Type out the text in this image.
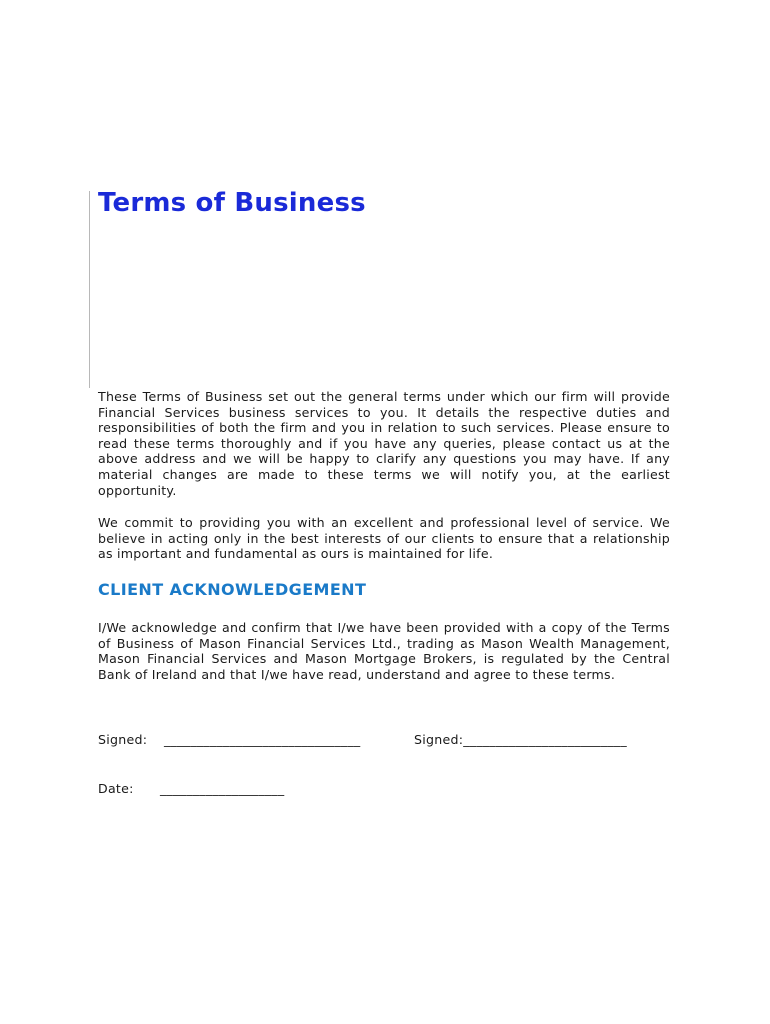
Terms of Business

These Terms of Business set out the general terms under which our firm will provide Financial Services business services to you. It details the respective duties and responsibilities of both the firm and you in relation to such services. Please ensure to read these terms thoroughly and if you have any queries, please contact us at the above address and we will be happy to clarify any questions you may have. If any material changes are made to these terms we will notify you, at the earliest opportunity.

We commit to providing you with an excellent and professional level of service. We believe in acting only in the best interests of our clients to ensure that a relationship as important and fundamental as ours is maintained for life.

CLIENT ACKNOWLEDGEMENT

I/We acknowledge and confirm that I/we have been provided with a copy of the Terms of Business of Mason Financial Services Ltd., trading as Mason Wealth Management, Mason Financial Services and Mason Mortgage Brokers, is regulated by the Central Bank of Ireland and that I/we have read, understand and agree to these terms.

Signed: ______________________________	Signed:_________________________
Date: ___________________
